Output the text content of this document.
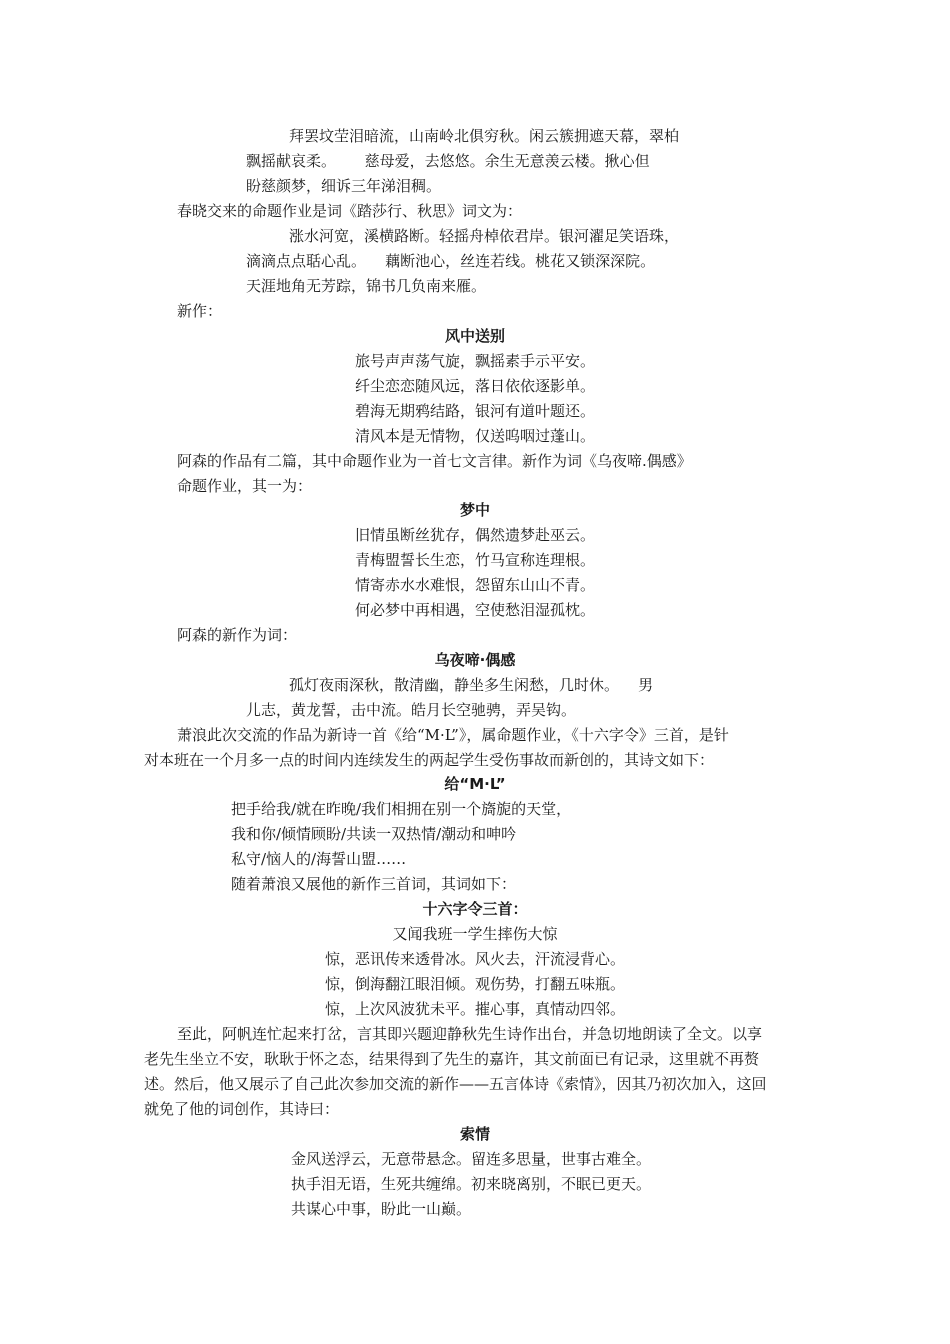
拜罢坟茔泪暗流，山南岭北俱穷秋。闲云簇拥遮天幕，翠柏
飘摇献哀柔。      慈母爱，去悠悠。余生无意羡云楼。揪心但
盼慈颜梦，细诉三年涕泪稠。
春晓交来的命题作业是词《踏莎行、秋思》词文为：
涨水河宽，溪横路断。轻摇舟棹依君岸。银河濯足笑语珠，
滴滴点点聒心乱。    藕断池心，丝连若线。桃花又锁深深院。
天涯地角无芳踪，锦书几负南来雁。
新作：
风中送别
旅号声声荡气旋，飘摇素手示平安。
纤尘恋恋随风远，落日依依逐影单。
碧海无期鸦结路，银河有道叶题还。
清风本是无情物，仅送呜咽过蓬山。
阿森的作品有二篇，其中命题作业为一首七文言律。新作为词《乌夜啼.偶感》
命题作业，其一为：
梦中
旧情虽断丝犹存，偶然遗梦赴巫云。
青梅盟誓长生恋，竹马宣称连理根。
情寄赤水水难恨，怨留东山山不青。
何必梦中再相遇，空使愁泪湿孤枕。
阿森的新作为词：
乌夜啼·偶感
孤灯夜雨深秋，散清幽，静坐多生闲愁，几时休。    男
儿志，黄龙誓，击中流。皓月长空驰骋，弄吴钩。
萧浪此次交流的作品为新诗一首《给“M·L”》，属命题作业，《十六字令》三首，是针
对本班在一个月多一点的时间内连续发生的两起学生受伤事故而新创的，其诗文如下：
给“M·L”
把手给我/就在昨晚/我们相拥在别一个旖旎的天堂，
我和你/倾情顾盼/共读一双热情/潮动和呻吟
私守/恼人的/海誓山盟……
随着萧浪又展他的新作三首词，其词如下：
十六字令三首：
又闻我班一学生摔伤大惊
惊，恶讯传来透骨冰。风火去，汗流浸背心。
惊，倒海翻江眼泪倾。观伤势，打翻五味瓶。
惊，上次风波犹未平。摧心事，真情动四邻。
至此，阿帆连忙起来打岔，言其即兴题迎静秋先生诗作出台，并急切地朗读了全文。以享
老先生坐立不安，耿耿于怀之态，结果得到了先生的嘉许，其文前面已有记录，这里就不再赘
述。然后，他又展示了自己此次参加交流的新作——五言体诗《索情》，因其乃初次加入，这回
就免了他的词创作，其诗曰：
索情
金风送浮云，无意带悬念。留连多思量，世事古难全。
执手泪无语，生死共缠绵。初来晓离别，不眠已更天。
共谋心中事，盼此一山巅。
